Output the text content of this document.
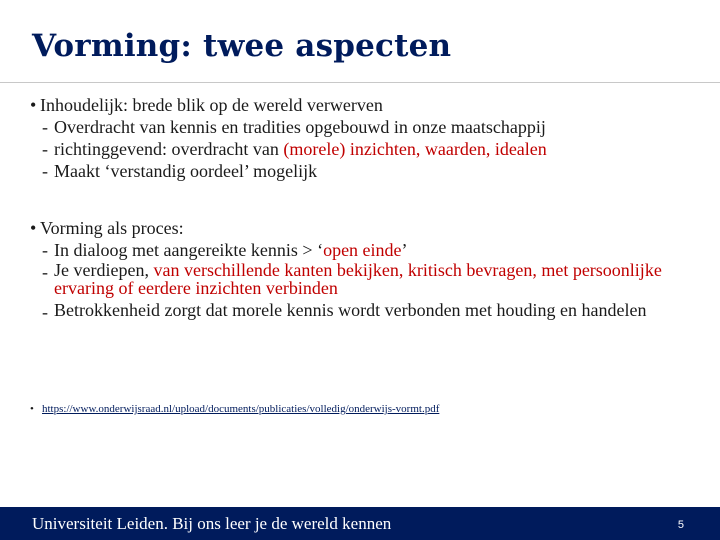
Vorming: twee aspecten
• Inhoudelijk: brede blik op de wereld verwerven
- Overdracht van kennis en tradities opgebouwd in onze maatschappij
- richtinggevend: overdracht van (morele) inzichten, waarden, idealen
- Maakt ‘verstandig oordeel’ mogelijk
• Vorming als proces:
- In dialoog met aangereikte kennis > ‘open einde’
- Je verdiepen, van verschillende kanten bekijken, kritisch bevragen, met persoonlijke ervaring of eerdere inzichten verbinden
- Betrokkenheid zorgt dat morele kennis wordt verbonden met houding en handelen
• https://www.onderwijsraad.nl/upload/documents/publicaties/volledig/onderwijs-vormt.pdf
Universiteit Leiden. Bij ons leer je de wereld kennen	5
